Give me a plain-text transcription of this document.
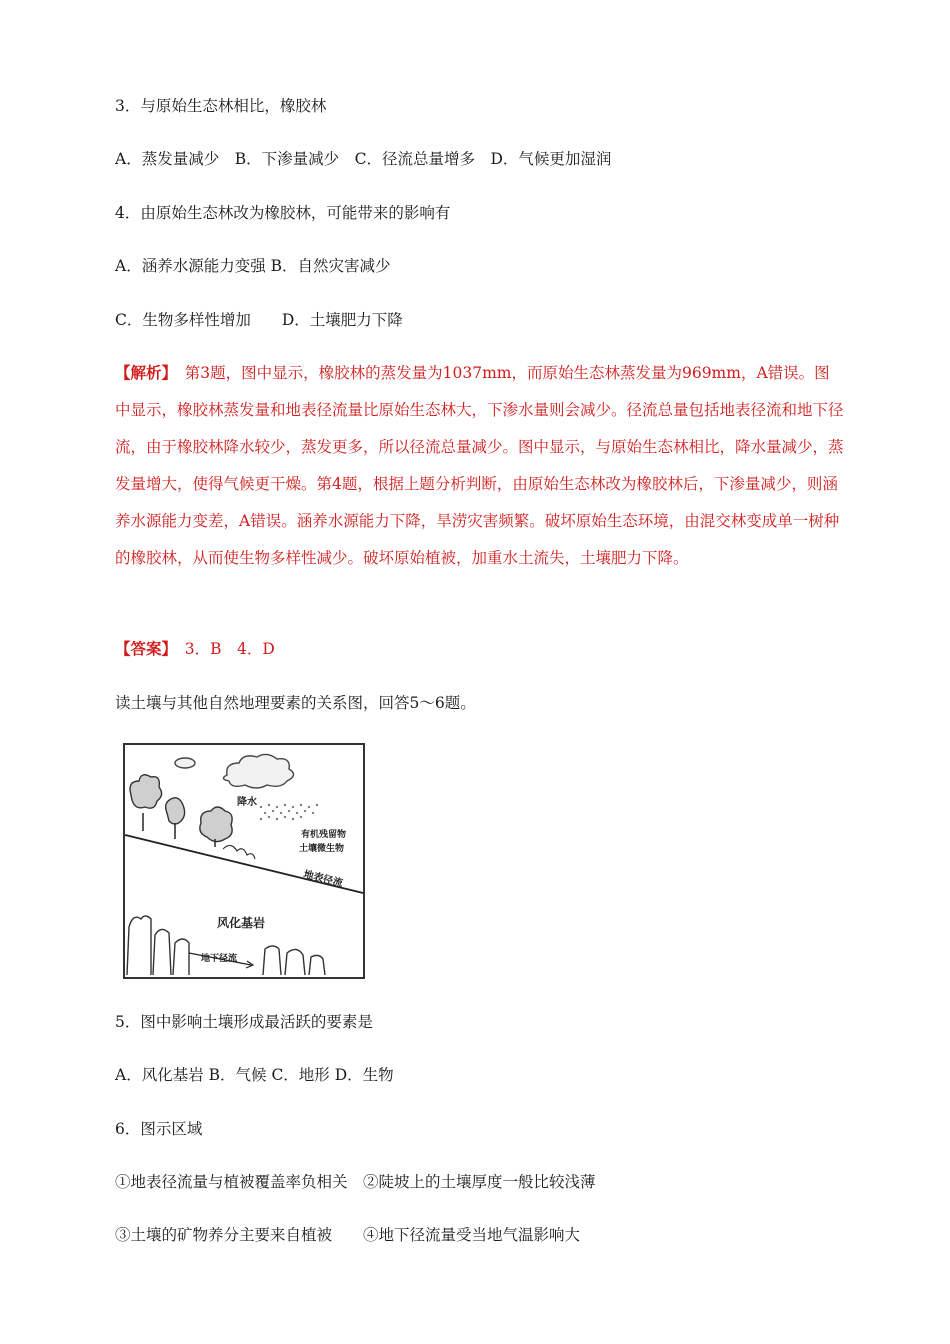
3．与原始生态林相比，橡胶林

A．蒸发量减少　B．下渗量减少　C．径流总量增多　D．气候更加湿润

4．由原始生态林改为橡胶林，可能带来的影响有

A．涵养水源能力变强 B．自然灾害减少

C．生物多样性增加　　D．土壤肥力下降

【解析】　第3题，图中显示，橡胶林的蒸发量为1037mm，而原始生态林蒸发量为969mm，A错误。图中显示，橡胶林蒸发量和地表径流量比原始生态林大，下渗水量则会减少。径流总量包括地表径流和地下径流，由于橡胶林降水较少，蒸发更多，所以径流总量减少。图中显示，与原始生态林相比，降水量减少，蒸发量增大，使得气候更干燥。第4题，根据上题分析判断，由原始生态林改为橡胶林后，下渗量减少，则涵养水源能力变差，A错误。涵养水源能力下降，旱涝灾害频繁。破坏原始生态环境，由混交林变成单一树种的橡胶林，从而使生物多样性减少。破坏原始植被，加重水土流失，土壤肥力下降。

【答案】　3．B　4．D

读土壤与其他自然地理要素的关系图，回答5～6题。

降水
有机残留物
土壤微生物
地表径流
风化基岩
地下径流

5．图中影响土壤形成最活跃的要素是

A．风化基岩 B．气候 C．地形 D．生物

6．图示区域

①地表径流量与植被覆盖率负相关　②陡坡上的土壤厚度一般比较浅薄

③土壤的矿物养分主要来自植被　　④地下径流量受当地气温影响大
